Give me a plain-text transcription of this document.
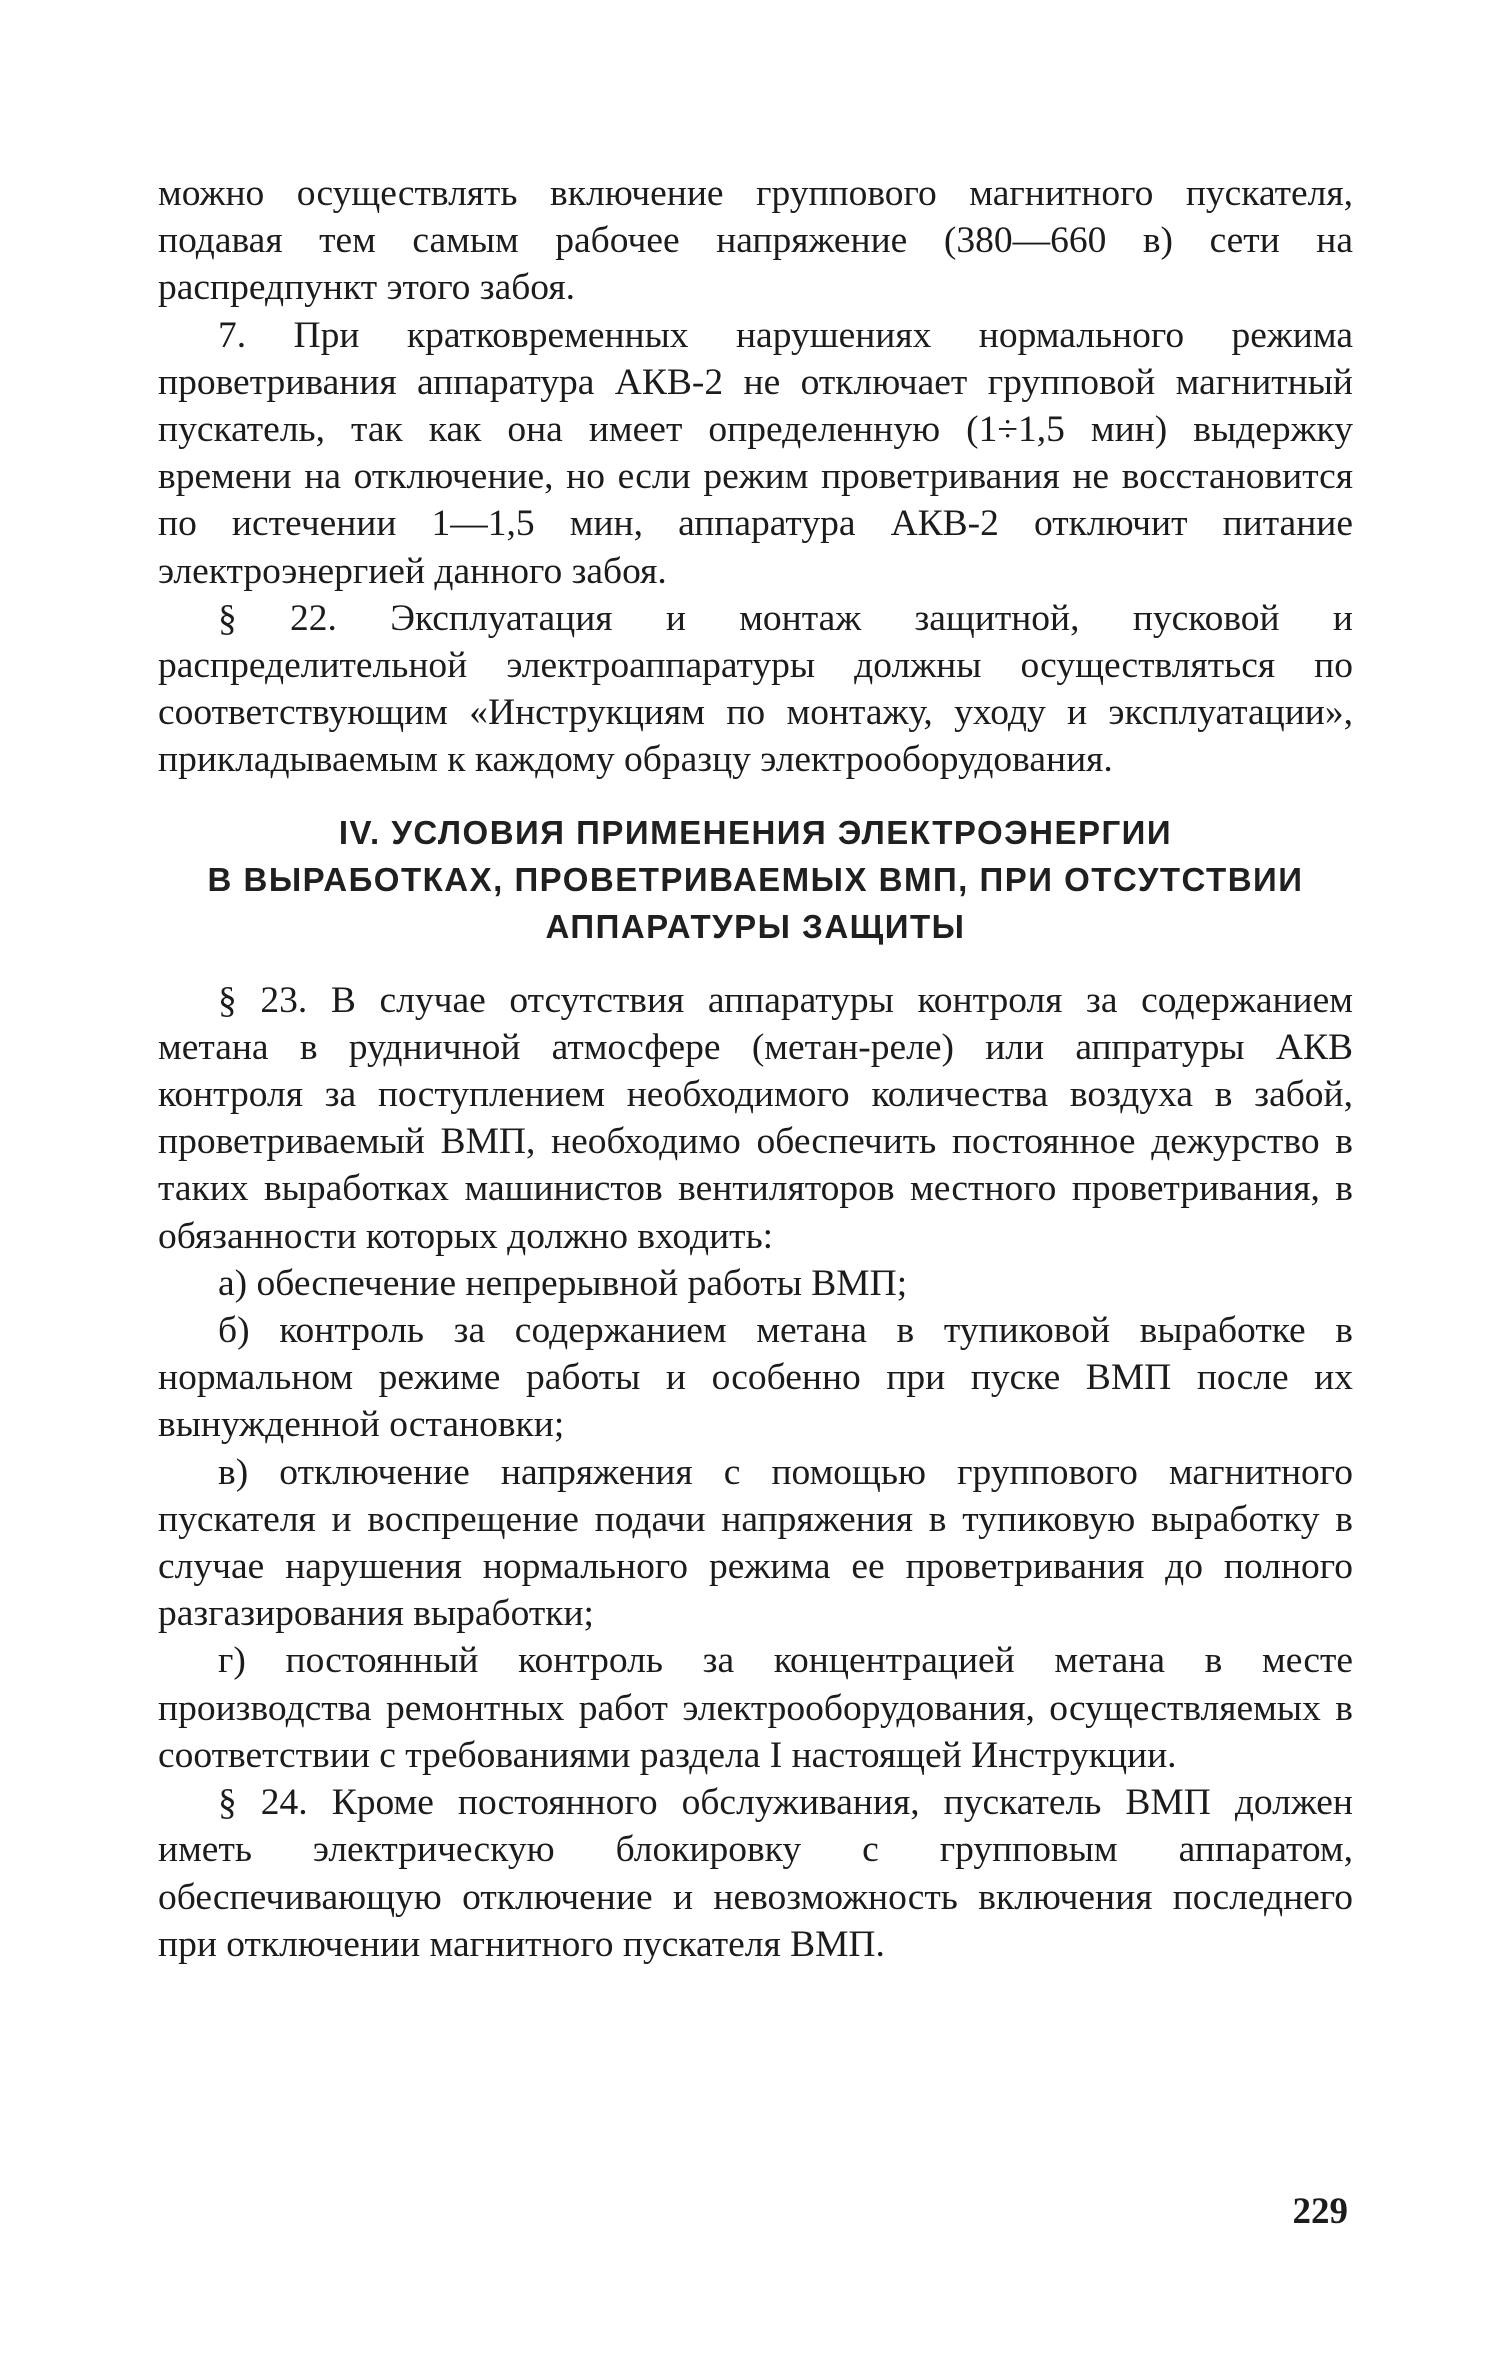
можно осуществлять включение группового магнитного пускателя, подавая тем самым рабочее напряжение (380—660 в) сети на распредпункт этого забоя.

7. При кратковременных нарушениях нормального режима проветривания аппаратура АКВ-2 не отключает групповой магнитный пускатель, так как она имеет определенную (1÷1,5 мин) выдержку времени на отключение, но если режим проветривания не восстановится по истечении 1—1,5 мин, аппаратура АКВ-2 отключит питание электроэнергией данного забоя.

§ 22. Эксплуатация и монтаж защитной, пусковой и распределительной электроаппаратуры должны осуществляться по соответствующим «Инструкциям по монтажу, уходу и эксплуатации», прикладываемым к каждому образцу электрооборудования.

IV. УСЛОВИЯ ПРИМЕНЕНИЯ ЭЛЕКТРОЭНЕРГИИ
В ВЫРАБОТКАХ, ПРОВЕТРИВАЕМЫХ ВМП, ПРИ ОТСУТСТВИИ
АППАРАТУРЫ ЗАЩИТЫ

§ 23. В случае отсутствия аппаратуры контроля за содержанием метана в рудничной атмосфере (метан-реле) или аппратуры АКВ контроля за поступлением необходимого количества воздуха в забой, проветриваемый ВМП, необходимо обеспечить постоянное дежурство в таких выработках машинистов вентиляторов местного проветривания, в обязанности которых должно входить:

а) обеспечение непрерывной работы ВМП;

б) контроль за содержанием метана в тупиковой выработке в нормальном режиме работы и особенно при пуске ВМП после их вынужденной остановки;

в) отключение напряжения с помощью группового магнитного пускателя и воспрещение подачи напряжения в тупиковую выработку в случае нарушения нормального режима ее проветривания до полного разгазирования выработки;

г) постоянный контроль за концентрацией метана в месте производства ремонтных работ электрооборудования, осуществляемых в соответствии с требованиями раздела I настоящей Инструкции.

§ 24. Кроме постоянного обслуживания, пускатель ВМП должен иметь электрическую блокировку с групповым аппаратом, обеспечивающую отключение и невозможность включения последнего при отключении магнитного пускателя ВМП.

229
